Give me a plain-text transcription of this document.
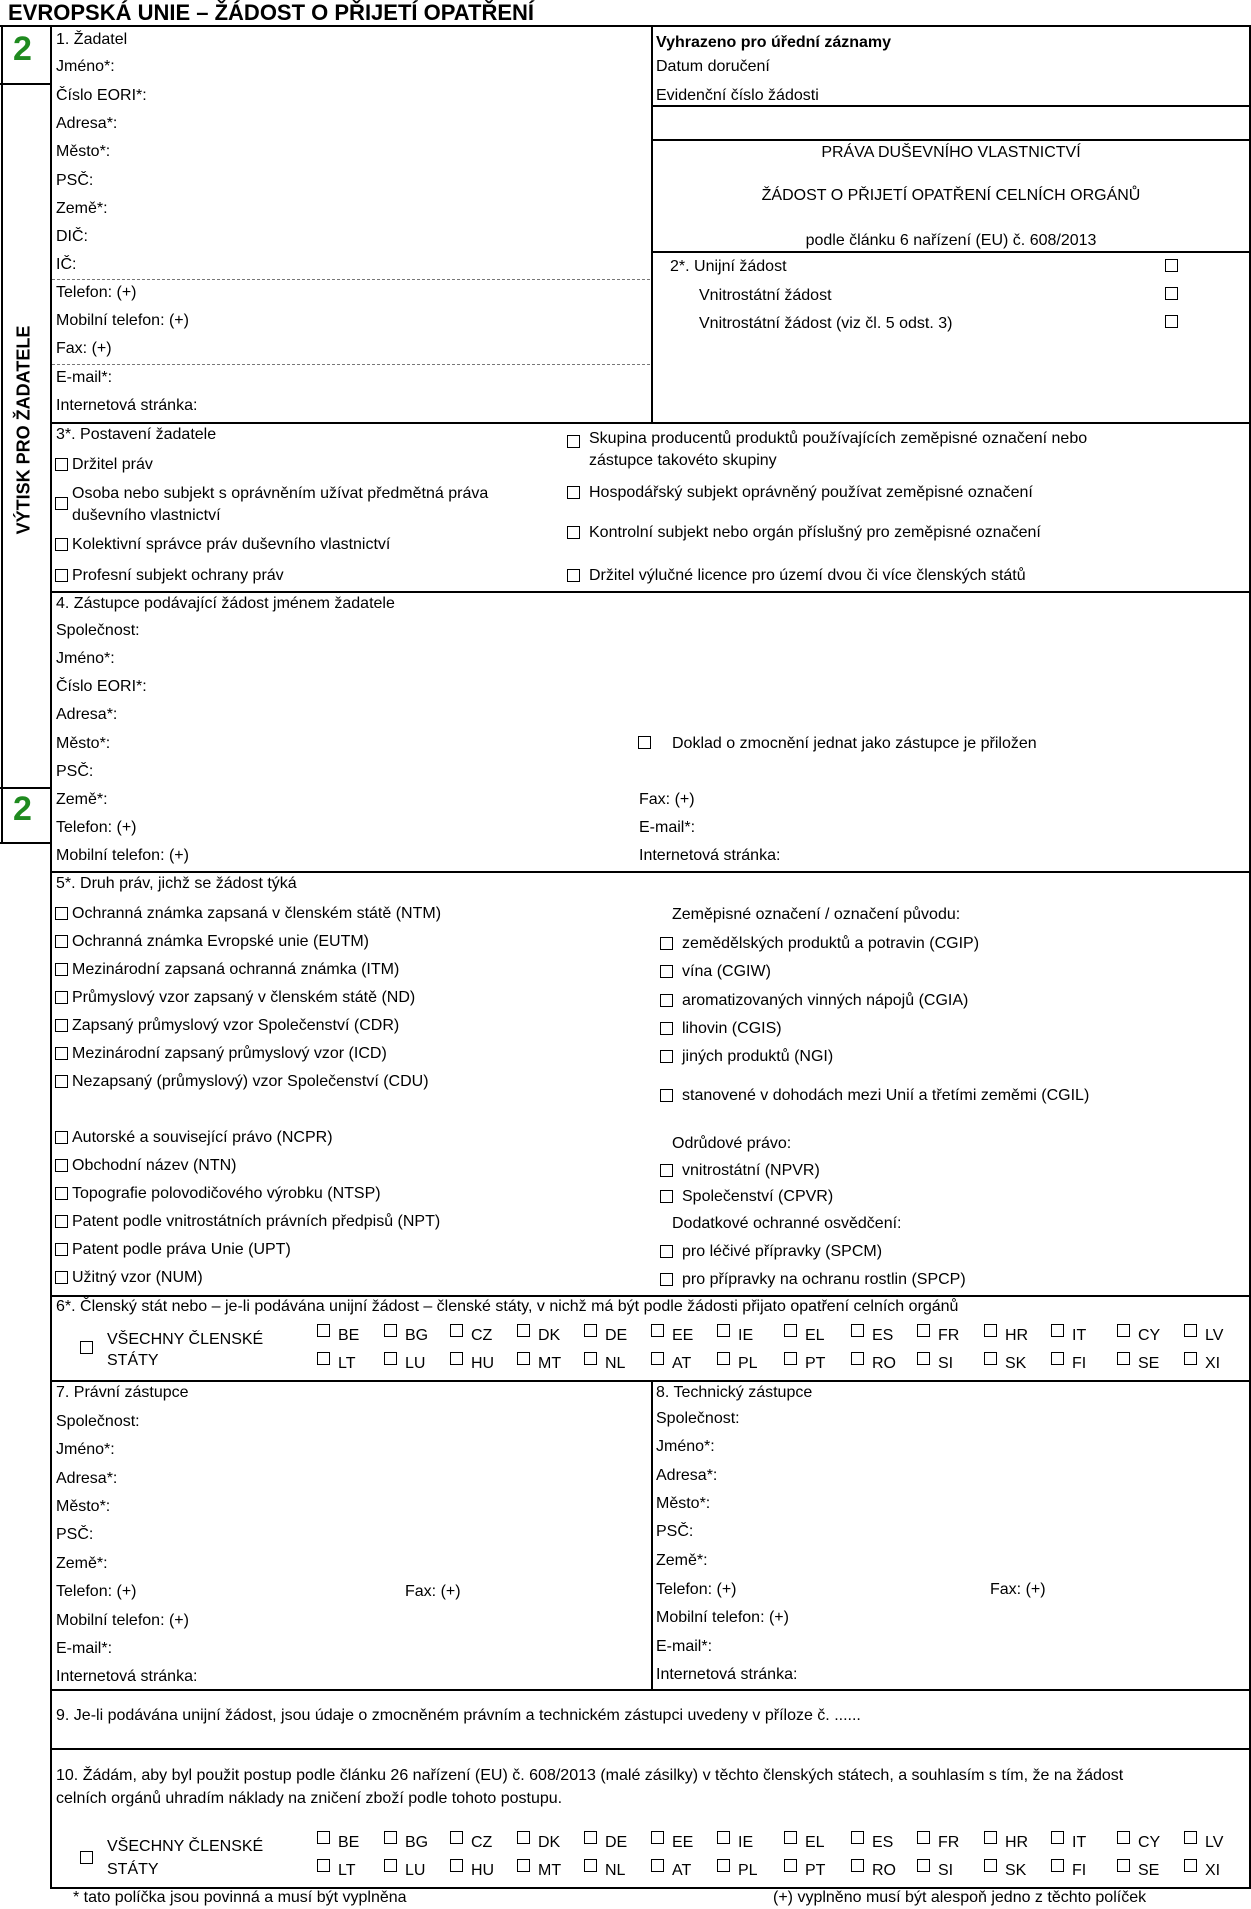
EVROPSKÁ UNIE – ŽÁDOST O PŘIJETÍ OPATŘENÍ
2
2
VÝTISK PRO ŽADATELE
1. Žadatel
Jméno*:
Číslo EORI*:
Adresa*:
Město*:
PSČ:
Země*:
DIČ:
IČ:
Telefon: (+)
Mobilní telefon: (+)
Fax: (+)
E-mail*:
Internetová stránka:
Vyhrazeno pro úřední záznamy
Datum doručení
Evidenční číslo žádosti
PRÁVA DUŠEVNÍHO VLASTNICTVÍ
ŽÁDOST O PŘIJETÍ OPATŘENÍ CELNÍCH ORGÁNŮ
podle článku 6 nařízení (EU) č. 608/2013
2*. Unijní žádost
Vnitrostátní žádost
Vnitrostátní žádost (viz čl. 5 odst. 3)
3*. Postavení žadatele
Držitel práv
Osoba nebo subjekt s oprávněním užívat předmětná práva
duševního vlastnictví
Kolektivní správce práv duševního vlastnictví
Profesní subjekt ochrany práv
Skupina producentů produktů používajících zeměpisné označení nebo
zástupce takovéto skupiny
Hospodářský subjekt oprávněný používat zeměpisné označení
Kontrolní subjekt nebo orgán příslušný pro zeměpisné označení
Držitel výlučné licence pro území dvou či více členských států
4. Zástupce podávající žádost jménem žadatele
Společnost:
Jméno*:
Číslo EORI*:
Adresa*:
Město*:
PSČ:
Země*:
Telefon: (+)
Mobilní telefon: (+)
Doklad o zmocnění jednat jako zástupce je přiložen
Fax: (+)
E-mail*:
Internetová stránka:
5*. Druh práv, jichž se žádost týká
Ochranná známka zapsaná v členském státě (NTM)
Ochranná známka Evropské unie (EUTM)
Mezinárodní zapsaná ochranná známka (ITM)
Průmyslový vzor zapsaný v členském státě (ND)
Zapsaný průmyslový vzor Společenství (CDR)
Mezinárodní zapsaný průmyslový vzor (ICD)
Nezapsaný (průmyslový) vzor Společenství (CDU)
Autorské a související právo (NCPR)
Obchodní název (NTN)
Topografie polovodičového výrobku (NTSP)
Patent podle vnitrostátních právních předpisů (NPT)
Patent podle práva Unie (UPT)
Užitný vzor (NUM)
zemědělských produktů a potravin (CGIP)
vína (CGIW)
aromatizovaných vinných nápojů (CGIA)
lihovin (CGIS)
jiných produktů (NGI)
stanovené v dohodách mezi Unií a třetími zeměmi (CGIL)
vnitrostátní (NPVR)
Společenství (CPVR)
pro léčivé přípravky (SPCM)
pro přípravky na ochranu rostlin (SPCP)
Zeměpisné označení / označení původu:
Odrůdové právo:
Dodatkové ochranné osvědčení:
6*. Členský stát nebo – je-li podávána unijní žádost – členské státy, v nichž má být podle žádosti přijato opatření celních orgánů
VŠECHNY ČLENSKÉ
STÁTY
BE
LT
BG
LU
CZ
HU
DK
MT
DE
NL
EE
AT
IE
PL
EL
PT
ES
RO
FR
SI
HR
SK
IT
FI
CY
SE
LV
XI
7. Právní zástupce
Společnost:
Jméno*:
Adresa*:
Město*:
PSČ:
Země*:
Telefon: (+)
Mobilní telefon: (+)
E-mail*:
Internetová stránka:
Fax: (+)
8. Technický zástupce
Společnost:
Jméno*:
Adresa*:
Město*:
PSČ:
Země*:
Telefon: (+)
Mobilní telefon: (+)
E-mail*:
Internetová stránka:
Fax: (+)
9. Je-li podávána unijní žádost, jsou údaje o zmocněném právním a technickém zástupci uvedeny v příloze č. ......
10. Žádám, aby byl použit postup podle článku 26 nařízení (EU) č. 608/2013 (malé zásilky) v těchto členských státech, a souhlasím s tím, že na žádost
celních orgánů uhradím náklady na zničení zboží podle tohoto postupu.
VŠECHNY ČLENSKÉ
STÁTY
BE
LT
BG
LU
CZ
HU
DK
MT
DE
NL
EE
AT
IE
PL
EL
PT
ES
RO
FR
SI
HR
SK
IT
FI
CY
SE
LV
XI
* tato políčka jsou povinná a musí být vyplněna	(+) vyplněno musí být alespoň jedno z těchto políček
